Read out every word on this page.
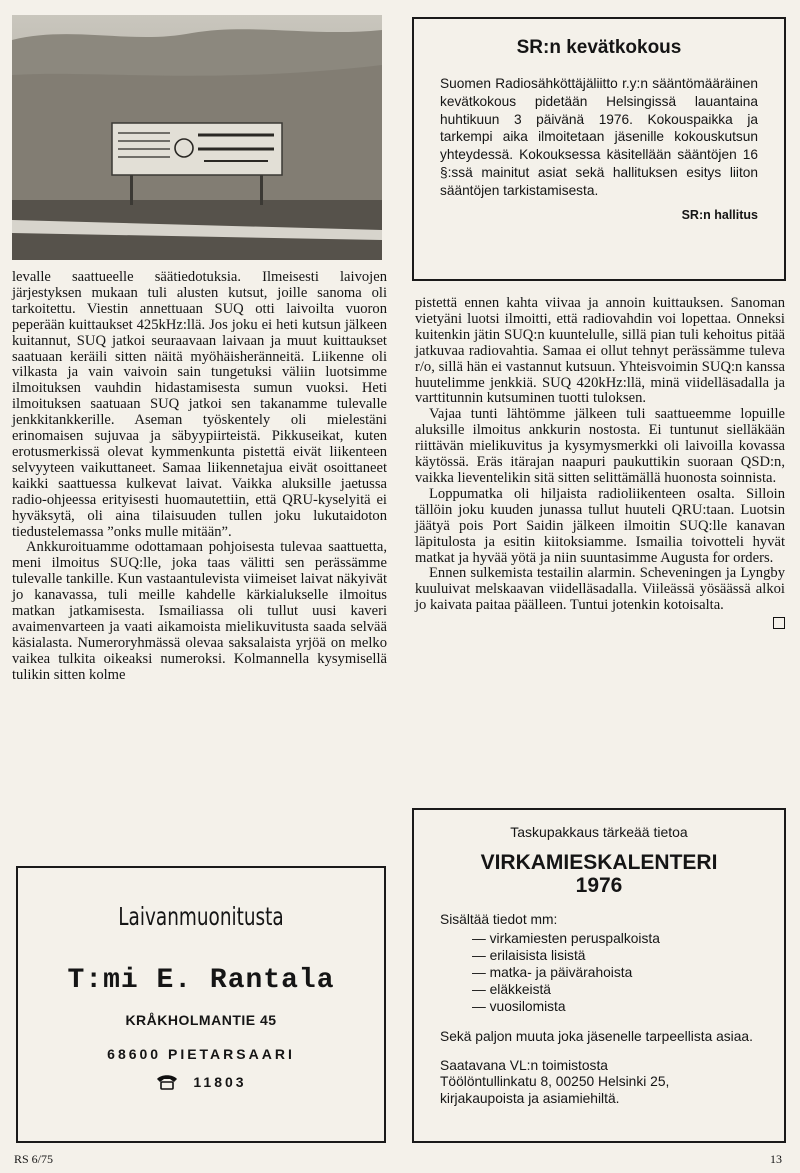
levalle saattueelle säätiedotuksia. Ilmeisesti laivojen järjestyksen mukaan tuli alusten kutsut, joille sanoma oli tarkoitettu. Viestin annettuaan SUQ otti laivoilta vuoron peperään kuittaukset 425kHz:llä. Jos joku ei heti kutsun jälkeen kuitannut, SUQ jatkoi seuraavaan laivaan ja muut kuittaukset saatuaan keräili sitten näitä myöhäisheränneitä. Liikenne oli vilkasta ja vain vaivoin sain tungetuksi väliin luotsimme ilmoituksen vauhdin hidastamisesta sumun vuoksi. Heti ilmoituksen saatuaan SUQ jatkoi sen takanamme tulevalle jenkkitankkerille. Aseman työskentely oli mielestäni erinomaisen sujuvaa ja säbyypiirteistä. Pikkuseikat, kuten erotusmerkissä olevat kymmenkunta pistettä eivät liikenteen selvyyteen vaikuttaneet. Samaa liikennetajua eivät osoittaneet kaikki saattuessa kulkevat laivat. Vaikka aluksille jaetussa radio-ohjeessa erityisesti huomautettiin, että QRU-kyselyitä ei hyväksytä, oli aina tilaisuuden tullen joku lukutaidoton tiedustelemassa ”onks mulle mitään”.

Ankkuroituamme odottamaan pohjoisesta tulevaa saattuetta, meni ilmoitus SUQ:lle, joka taas välitti sen perässämme tulevalle tankille. Kun vastaantulevista viimeiset laivat näkyivät jo kanavassa, tuli meille kahdelle kärkialukselle ilmoitus matkan jatkamisesta. Ismailiassa oli tullut uusi kaveri avaimenvarteen ja vaati aikamoista mielikuvitusta saada selvää käsialasta. Numeroryhmässä olevaa saksalaista yrjöä on melko vaikea tulkita oikeaksi numeroksi. Kolmannella kysymisellä tulikin sitten kolme

SR:n kevätkokous

Suomen Radiosähköttäjäliitto r.y:n sääntömääräinen kevätkokous pidetään Helsingissä lauantaina huhtikuun 3 päivänä 1976. Kokouspaikka ja tarkempi aika ilmoitetaan jäsenille kokouskutsun yhteydessä. Kokouksessa käsitellään sääntöjen 16 §:ssä mainitut asiat sekä hallituksen esitys liiton sääntöjen tarkistamisesta.

SR:n hallitus

pistettä ennen kahta viivaa ja annoin kuittauksen. Sanoman vietyäni luotsi ilmoitti, että radiovahdin voi lopettaa. Onneksi kuitenkin jätin SUQ:n kuuntelulle, sillä pian tuli kehoitus pitää jatkuvaa radiovahtia. Samaa ei ollut tehnyt perässämme tuleva r/o, sillä hän ei vastannut kutsuun. Yhteisvoimin SUQ:n kanssa huutelimme jenkkiä. SUQ 420kHz:llä, minä viidelläsadalla ja varttitunnin kutsuminen tuotti tuloksen.

Vajaa tunti lähtömme jälkeen tuli saattueemme lopuille aluksille ilmoitus ankkurin nostosta. Ei tuntunut sielläkään riittävän mielikuvitus ja kysymysmerkki oli laivoilla kovassa käytössä. Eräs itärajan naapuri paukuttikin suoraan QSD:n, vaikka lieventelikin sitä sitten selittämällä huonosta soinnista.

Loppumatka oli hiljaista radioliikenteen osalta. Silloin tällöin joku kuuden junassa tullut huuteli QRU:taan. Luotsin jäätyä pois Port Saidin jälkeen ilmoitin SUQ:lle kanavan läpitulosta ja esitin kiitoksiamme. Ismailia toivotteli hyvät matkat ja hyvää yötä ja niin suuntasimme Augusta for orders.

Ennen sulkemista testailin alarmin. Scheveningen ja Lyngby kuuluivat melskaavan viidelläsadalla. Viileässä yösäässä alkoi jo kaivata paitaa päälleen. Tuntui jotenkin kotoisalta.

Laivanmuonitusta
T:mi E. Rantala
KRÅKHOLMANTIE 45
68600 PIETARSAARI
11803
Taskupakkaus tärkeää tietoa
VIRKAMIESKALENTERI
1976

Sisältää tiedot mm:

— virkamiesten peruspalkoista
— erilaisista lisistä
— matka- ja päivärahoista
— eläkkeistä
— vuosilomista

Sekä paljon muuta joka jäsenelle tarpeellista asiaa.

Saatavana VL:n toimistosta

Töölöntullinkatu 8, 00250 Helsinki 25,

kirjakaupoista ja asiamiehiltä.

RS 6/75	13
